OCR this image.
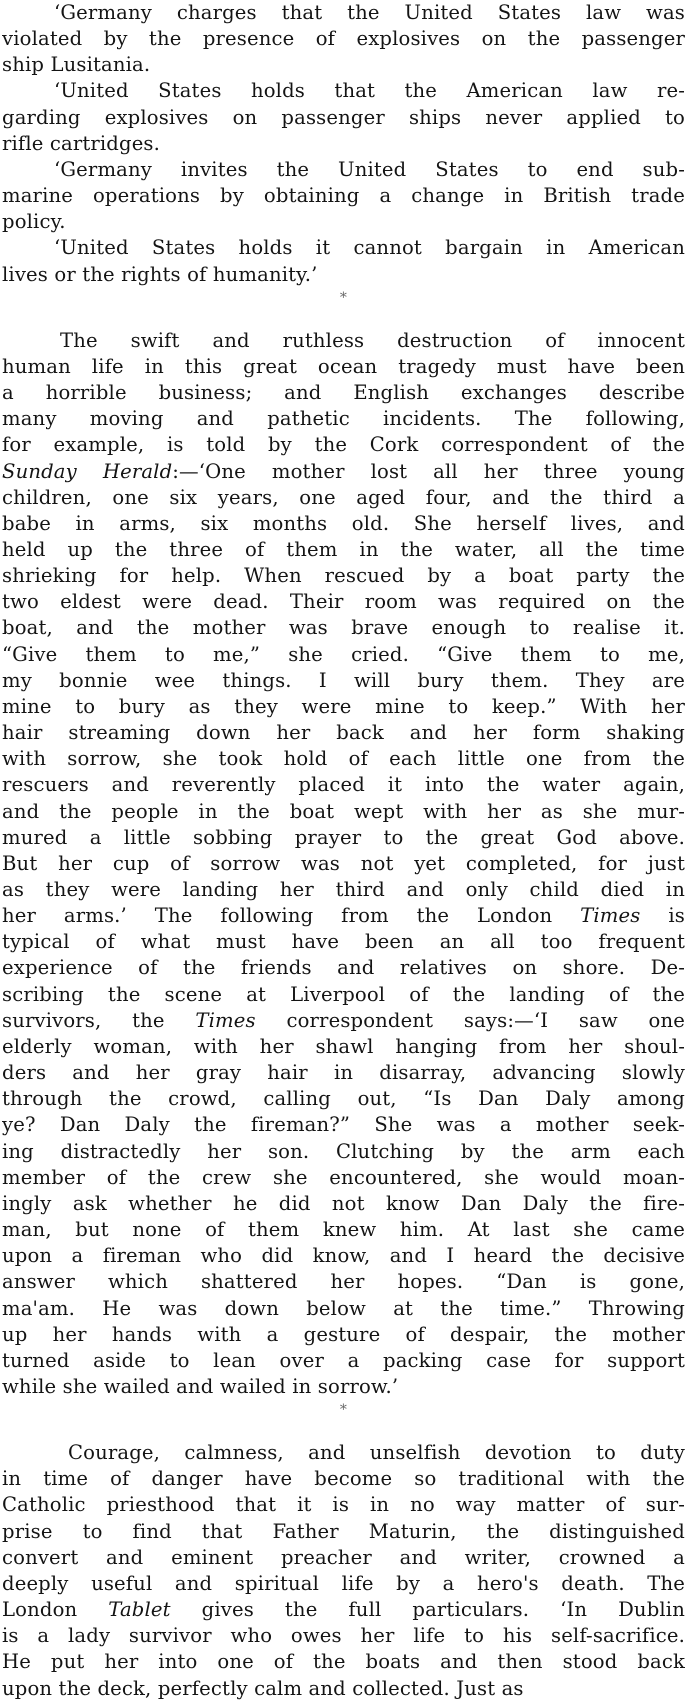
‘Germany charges that the United States law was
violated by the presence of explosives on the passenger
ship Lusitania.
‘United States holds that the American law re-
garding explosives on passenger ships never applied to
rifle cartridges.
‘Germany invites the United States to end sub-
marine operations by obtaining a change in British trade
policy.
‘United States holds it cannot bargain in American
lives or the rights of humanity.’
*
The swift and ruthless destruction of innocent
human life in this great ocean tragedy must have been
a horrible business; and English exchanges describe
many moving and pathetic incidents. The following,
for example, is told by the Cork correspondent of the
Sunday Herald:—‘One mother lost all her three young
children, one six years, one aged four, and the third a
babe in arms, six months old. She herself lives, and
held up the three of them in the water, all the time
shrieking for help. When rescued by a boat party the
two eldest were dead. Their room was required on the
boat, and the mother was brave enough to realise it.
“Give them to me,” she cried. “Give them to me,
my bonnie wee things. I will bury them. They are
mine to bury as they were mine to keep.” With her
hair streaming down her back and her form shaking
with sorrow, she took hold of each little one from the
rescuers and reverently placed it into the water again,
and the people in the boat wept with her as she mur-
mured a little sobbing prayer to the great God above.
But her cup of sorrow was not yet completed, for just
as they were landing her third and only child died in
her arms.’ The following from the London Times is
typical of what must have been an all too frequent
experience of the friends and relatives on shore. De-
scribing the scene at Liverpool of the landing of the
survivors, the Times correspondent says:—‘I saw one
elderly woman, with her shawl hanging from her shoul-
ders and her gray hair in disarray, advancing slowly
through the crowd, calling out, “Is Dan Daly among
ye? Dan Daly the fireman?” She was a mother seek-
ing distractedly her son. Clutching by the arm each
member of the crew she encountered, she would moan-
ingly ask whether he did not know Dan Daly the fire-
man, but none of them knew him. At last she came
upon a fireman who did know, and I heard the decisive
answer which shattered her hopes. “Dan is gone,
ma'am. He was down below at the time.” Throwing
up her hands with a gesture of despair, the mother
turned aside to lean over a packing case for support
while she wailed and wailed in sorrow.’
*
Courage, calmness, and unselfish devotion to duty
in time of danger have become so traditional with the
Catholic priesthood that it is in no way matter of sur-
prise to find that Father Maturin, the distinguished
convert and eminent preacher and writer, crowned a
deeply useful and spiritual life by a hero's death. The
London Tablet gives the full particulars. ‘In Dublin
is a lady survivor who owes her life to his self-sacrifice.
He put her into one of the boats and then stood back
upon the deck, perfectly calm and collected. Just as
